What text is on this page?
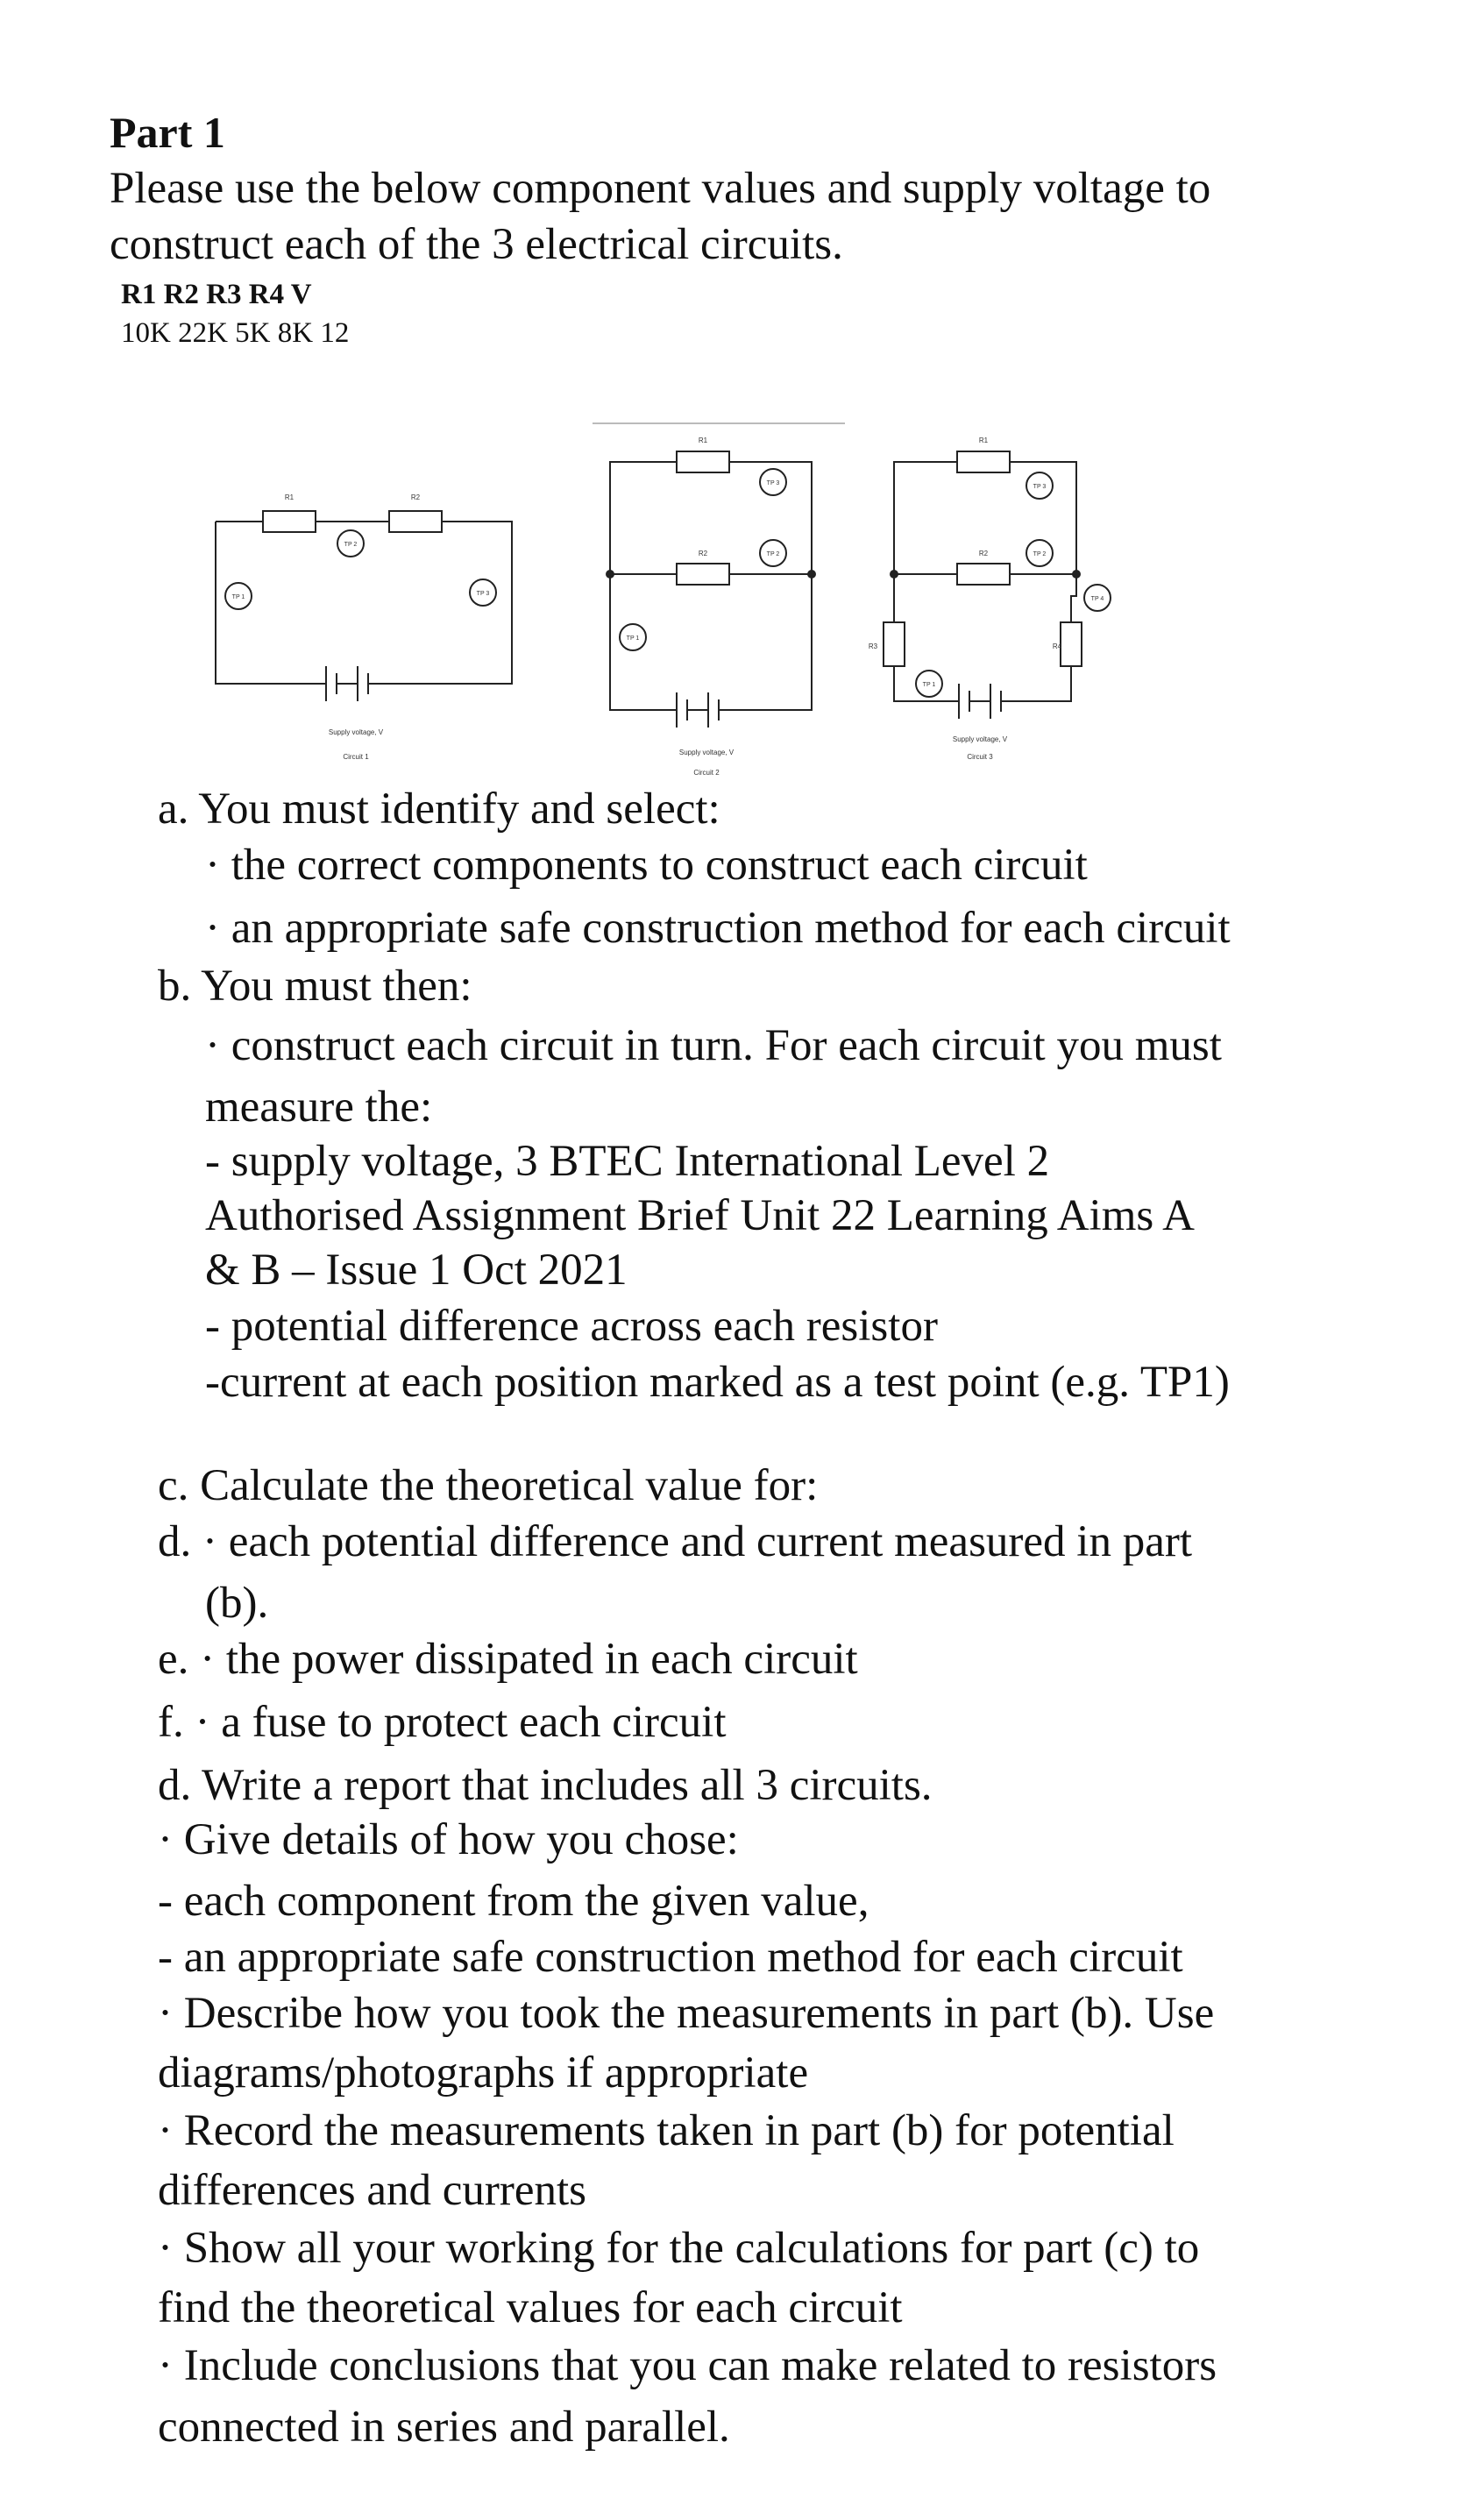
Part 1
Please use the below component values and supply voltage to
construct each of the 3 electrical circuits.
R1 R2 R3 R4 V
10K 22K 5K 8K 12
R1	R2
TP 1
TP 2
TP 3
Supply voltage, V
Circuit 1
R1
R2
TP 1
TP 2
TP 3
Supply voltage, V
Circuit 2
R1
R2
R3	R4
TP 1
TP 2
TP 3
TP 4
Supply voltage, V
Circuit 3
a. You must identify and select:
· the correct components to construct each circuit
· an appropriate safe construction method for each circuit
b. You must then:
· construct each circuit in turn. For each circuit you must
measure the:
- supply voltage, 3 BTEC International Level 2
Authorised Assignment Brief Unit 22 Learning Aims A
& B – Issue 1 Oct 2021
- potential difference across each resistor
-current at each position marked as a test point (e.g. TP1)
c. Calculate the theoretical value for:
d. · each potential difference and current measured in part
(b).
e. · the power dissipated in each circuit
f. · a fuse to protect each circuit
d. Write a report that includes all 3 circuits.
· Give details of how you chose:
- each component from the given value,
- an appropriate safe construction method for each circuit
· Describe how you took the measurements in part (b). Use
diagrams/photographs if appropriate
· Record the measurements taken in part (b) for potential
differences and currents
· Show all your working for the calculations for part (c) to
find the theoretical values for each circuit
· Include conclusions that you can make related to resistors
connected in series and parallel.
